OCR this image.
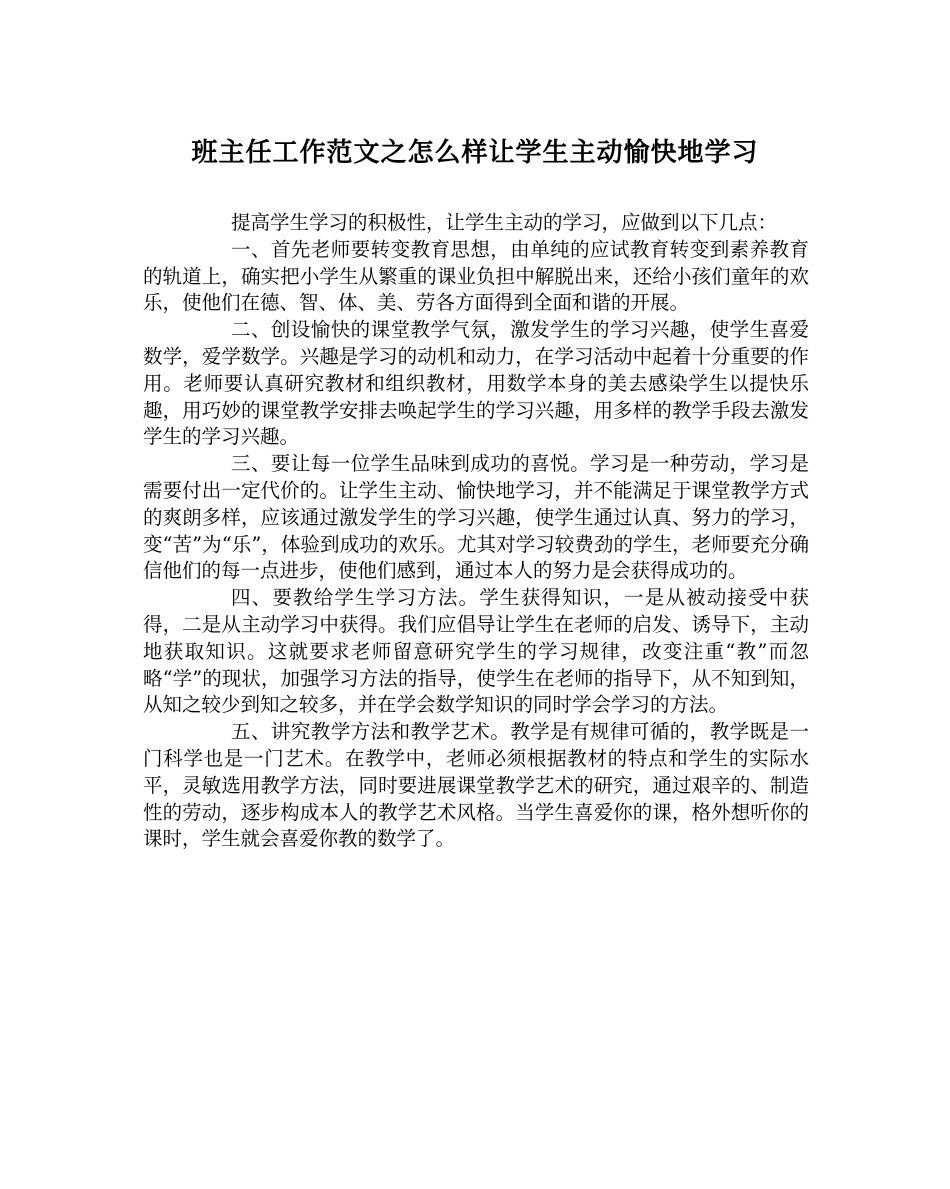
班主任工作范文之怎么样让学生主动愉快地学习

提高学生学习的积极性，让学生主动的学习，应做到以下几点：

一、首先老师要转变教育思想，由单纯的应试教育转变到素养教育的轨道上，确实把小学生从繁重的课业负担中解脱出来，还给小孩们童年的欢乐，使他们在德、智、体、美、劳各方面得到全面和谐的开展。

二、创设愉快的课堂教学气氛，激发学生的学习兴趣，使学生喜爱数学，爱学数学。兴趣是学习的动机和动力，在学习活动中起着十分重要的作用。老师要认真研究教材和组织教材，用数学本身的美去感染学生以提快乐趣，用巧妙的课堂教学安排去唤起学生的学习兴趣，用多样的教学手段去激发学生的学习兴趣。

三、要让每一位学生品味到成功的喜悦。学习是一种劳动，学习是需要付出一定代价的。让学生主动、愉快地学习，并不能满足于课堂教学方式的爽朗多样，应该通过激发学生的学习兴趣，使学生通过认真、努力的学习，变“苦”为“乐”，体验到成功的欢乐。尤其对学习较费劲的学生，老师要充分确信他们的每一点进步，使他们感到，通过本人的努力是会获得成功的。

四、要教给学生学习方法。学生获得知识，一是从被动接受中获得，二是从主动学习中获得。我们应倡导让学生在老师的启发、诱导下，主动地获取知识。这就要求老师留意研究学生的学习规律，改变注重“教”而忽略“学”的现状，加强学习方法的指导，使学生在老师的指导下，从不知到知，从知之较少到知之较多，并在学会数学知识的同时学会学习的方法。

五、讲究教学方法和教学艺术。教学是有规律可循的，教学既是一门科学也是一门艺术。在教学中，老师必须根据教材的特点和学生的实际水平，灵敏选用教学方法，同时要进展课堂教学艺术的研究，通过艰辛的、制造性的劳动，逐步构成本人的教学艺术风格。当学生喜爱你的课，格外想听你的课时，学生就会喜爱你教的数学了。
